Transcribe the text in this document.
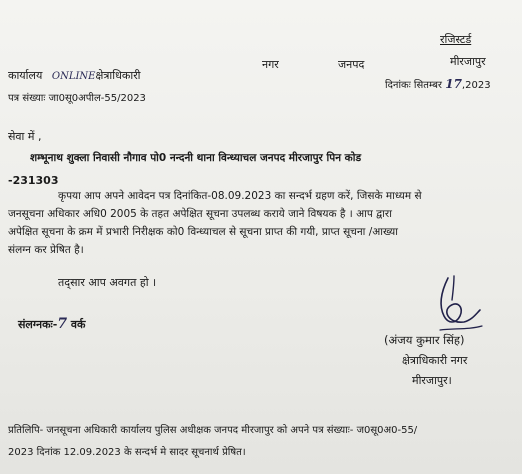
रजिस्टर्ड
कार्यालय ONLINEक्षेत्राधिकारी
नगर	जनपद	मीरजापुर
पत्र संख्याः जा0सू0अपील-55/2023
दिनांकः सितम्बर 17,2023
सेवा में ,
शम्भूनाथ शुक्ला निवासी नौगाव पो0 नन्दनी थाना विन्ध्याचल जनपद मीरजापुर पिन कोड
-231303
कृपया आप अपने आवेदन पत्र दिनांकित-08.09.2023 का सन्दर्भ ग्रहण करें, जिसके माध्यम से
जनसूचना अधिकार अधि0 2005 के तहत अपेक्षित सूचना उपलब्ध कराये जाने विषयक है । आप द्वारा
अपेक्षित सूचना के क्रम में प्रभारी निरीक्षक को0 विन्ध्याचल से सूचना प्राप्त की गयी, प्राप्त सूचना /आख्या
संलग्न कर प्रेषित है।
तद्सार आप अवगत हो ।
संलग्नकः-7 वर्क
(अंजय कुमार सिंह)
क्षेत्राधिकारी नगर
मीरजापुर।
प्रतिलिपि- जनसूचना अधिकारी कार्यालय पुलिस अधीक्षक जनपद मीरजापुर को अपने पत्र संख्याः- ज0सू0अ0-55/
2023 दिनांक 12.09.2023 के सन्दर्भ मे सादर सूचनार्थ प्रेषित।
